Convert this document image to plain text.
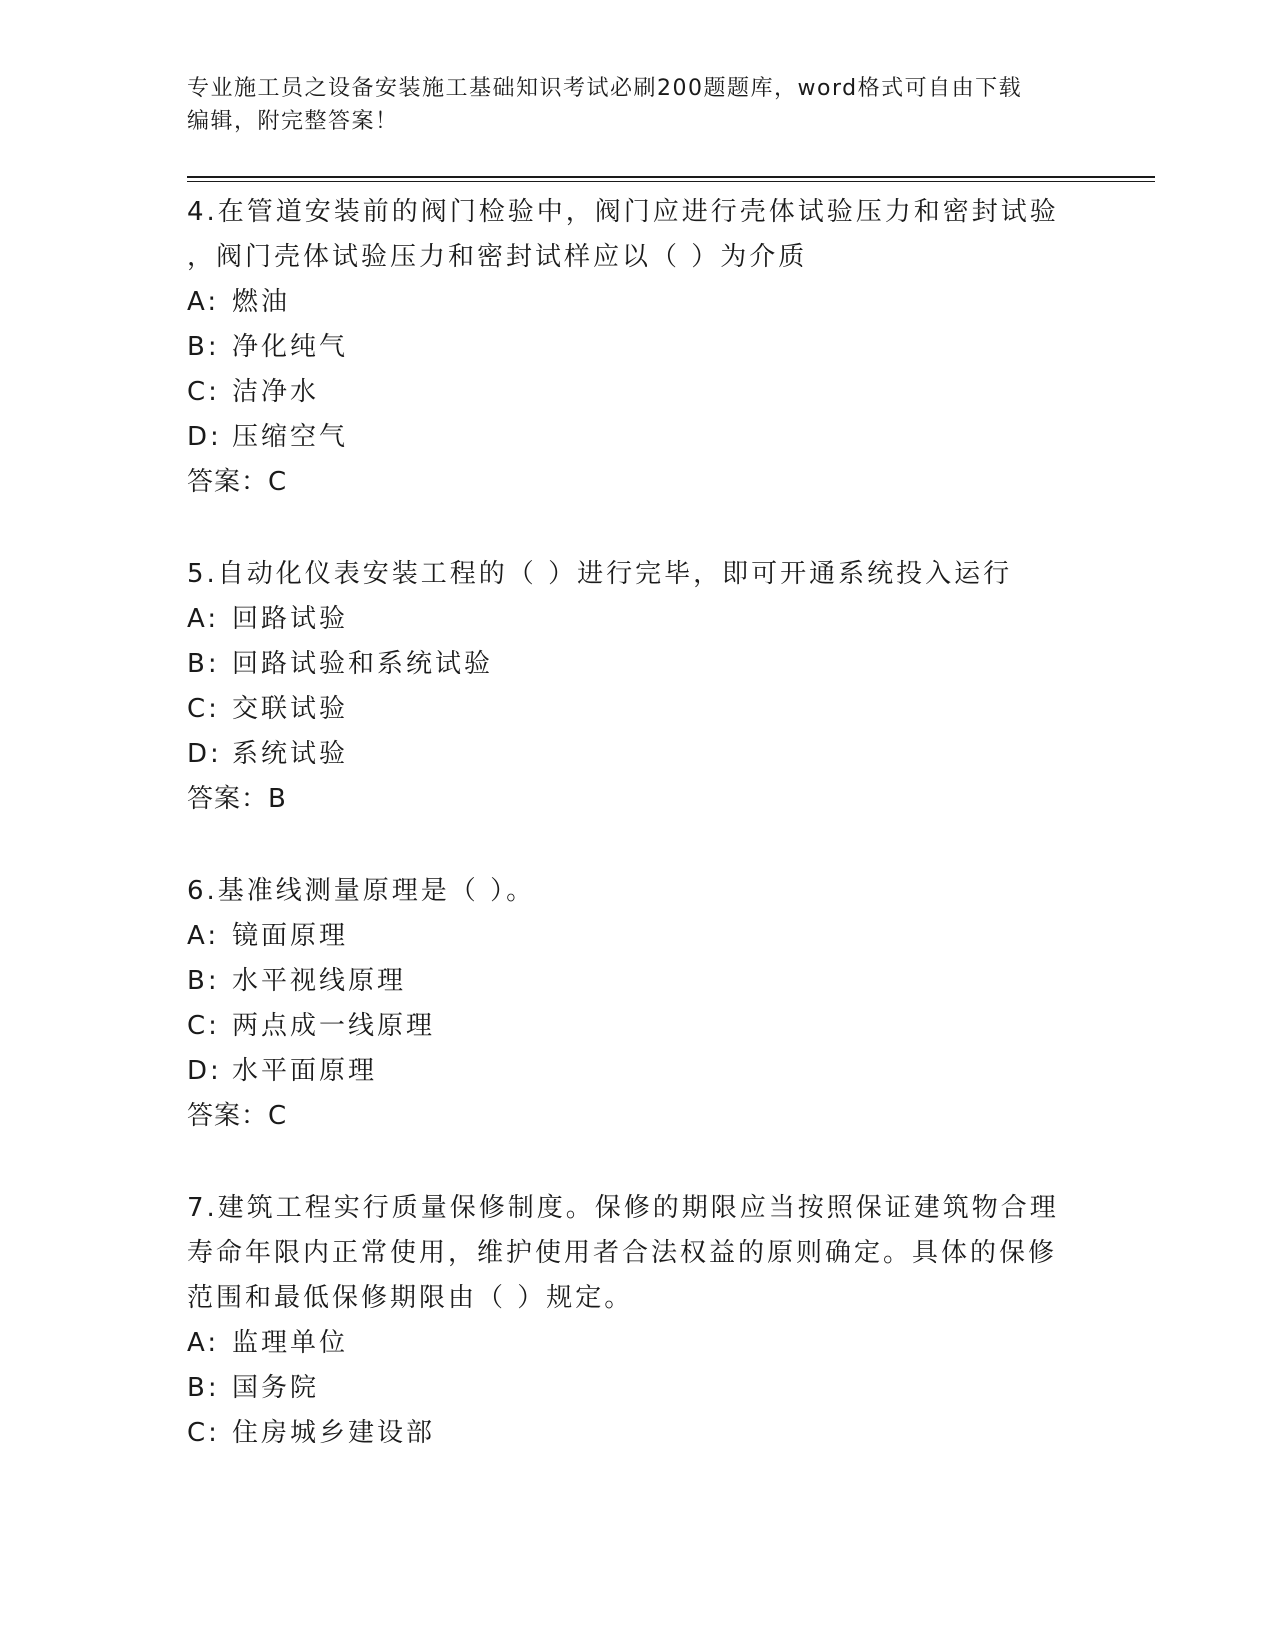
专业施工员之设备安装施工基础知识考试必刷200题题库，word格式可自由下载
编辑，附完整答案！

4.在管道安装前的阀门检验中，阀门应进行壳体试验压力和密封试验

，阀门壳体试验压力和密封试样应以（ ）为介质

A: 燃油

B: 净化纯气

C: 洁净水

D: 压缩空气

答案：C

5.自动化仪表安装工程的（ ）进行完毕，即可开通系统投入运行

A: 回路试验

B: 回路试验和系统试验

C: 交联试验

D: 系统试验

答案：B

6.基准线测量原理是（ ）。

A: 镜面原理

B: 水平视线原理

C: 两点成一线原理

D: 水平面原理

答案：C

7.建筑工程实行质量保修制度。保修的期限应当按照保证建筑物合理

寿命年限内正常使用，维护使用者合法权益的原则确定。具体的保修

范围和最低保修期限由（ ）规定。

A: 监理单位

B: 国务院

C: 住房城乡建设部
